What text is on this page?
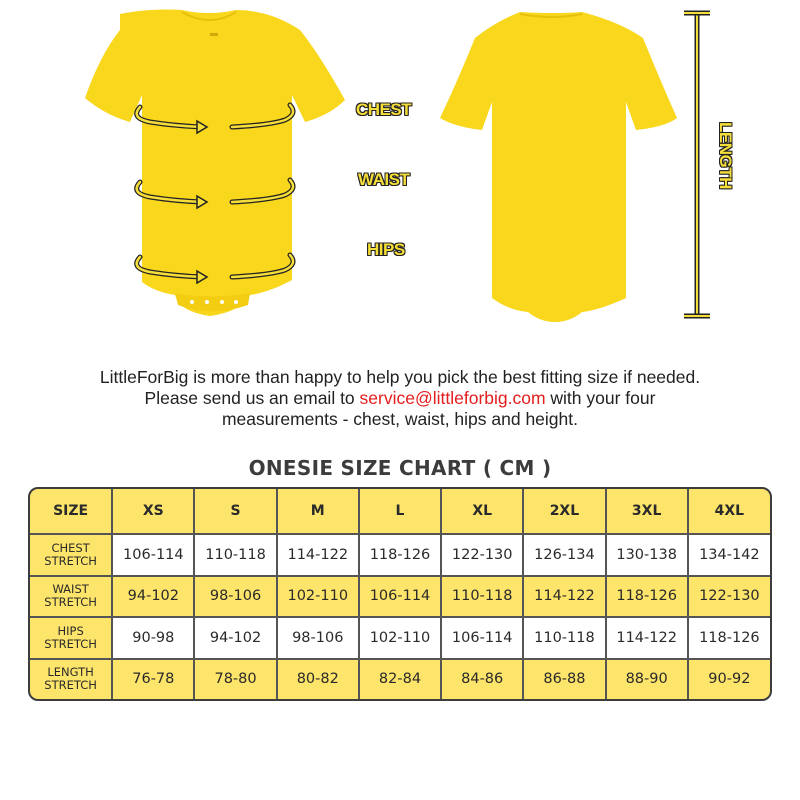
CHEST
WAIST
HIPS
LENGTH
LittleForBig is more than happy to help you pick the best fitting size if needed.
Please send us an email to service@littleforbig.com with your four
measurements - chest, waist, hips and height.
ONESIE SIZE CHART ( CM )
SIZE	XS	S	M	L	XL	2XL	3XL	4XL

CHEST
STRETCH	106-114	110-118	114-122	118-126	122-130	126-134	130-138	134-142

WAIST
STRETCH	94-102	98-106	102-110	106-114	110-118	114-122	118-126	122-130

HIPS
STRETCH	90-98	94-102	98-106	102-110	106-114	110-118	114-122	118-126

LENGTH
STRETCH	76-78	78-80	80-82	82-84	84-86	86-88	88-90	90-92
